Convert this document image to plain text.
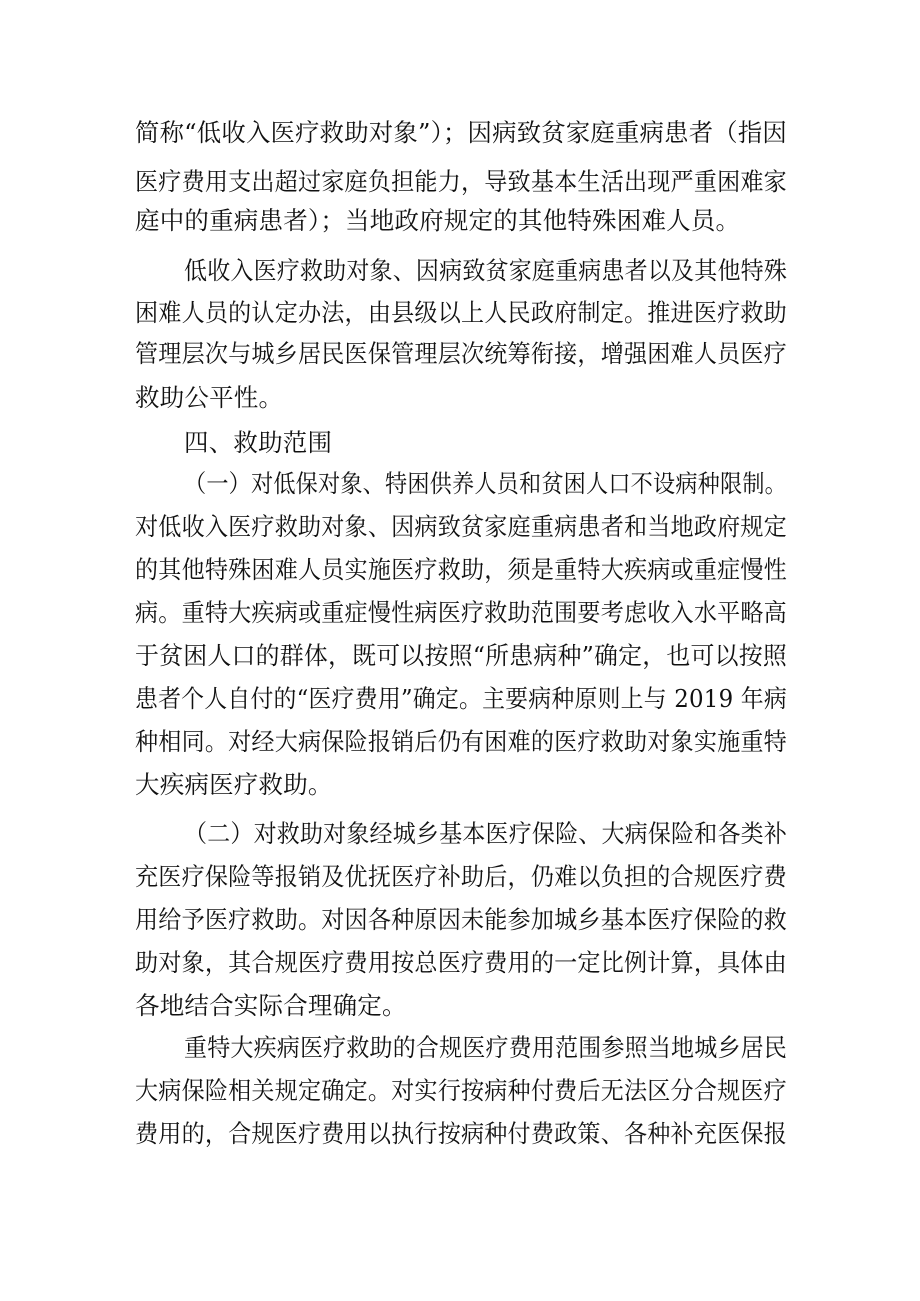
简称“低收入医疗救助对象”）；因病致贫家庭重病患者（指因
医疗费用支出超过家庭负担能力，导致基本生活出现严重困难家
庭中的重病患者）；当地政府规定的其他特殊困难人员。
低收入医疗救助对象、因病致贫家庭重病患者以及其他特殊
困难人员的认定办法，由县级以上人民政府制定。推进医疗救助
管理层次与城乡居民医保管理层次统筹衔接，增强困难人员医疗
救助公平性。
四、救助范围
（一）对低保对象、特困供养人员和贫困人口不设病种限制。
对低收入医疗救助对象、因病致贫家庭重病患者和当地政府规定
的其他特殊困难人员实施医疗救助，须是重特大疾病或重症慢性
病。重特大疾病或重症慢性病医疗救助范围要考虑收入水平略高
于贫困人口的群体，既可以按照“所患病种”确定，也可以按照
患者个人自付的“医疗费用”确定。主要病种原则上与 2019 年病
种相同。对经大病保险报销后仍有困难的医疗救助对象实施重特
大疾病医疗救助。
（二）对救助对象经城乡基本医疗保险、大病保险和各类补
充医疗保险等报销及优抚医疗补助后，仍难以负担的合规医疗费
用给予医疗救助。对因各种原因未能参加城乡基本医疗保险的救
助对象，其合规医疗费用按总医疗费用的一定比例计算，具体由
各地结合实际合理确定。
重特大疾病医疗救助的合规医疗费用范围参照当地城乡居民
大病保险相关规定确定。对实行按病种付费后无法区分合规医疗
费用的，合规医疗费用以执行按病种付费政策、各种补充医保报
